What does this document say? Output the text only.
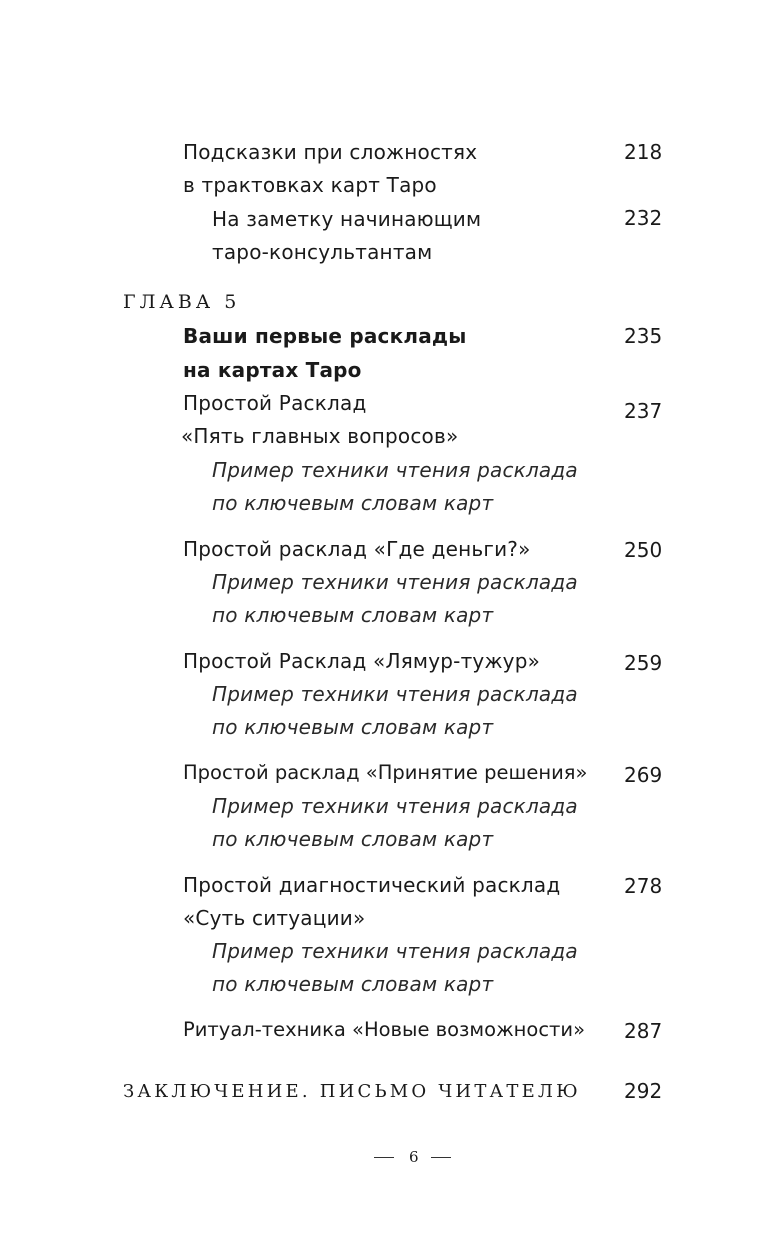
Подсказки при сложностях
в трактовках карт Таро
218
На заметку начинающим
таро-консультантам
232
ГЛАВА 5
Ваши первые расклады
на картах Таро
235
Простой Расклад
«Пять главных вопросов»
237
Пример техники чтения расклада
по ключевым словам карт
Простой расклад «Где деньги?»	250
Пример техники чтения расклада
по ключевым словам карт
Простой Расклад «Лямур-тужур»	259
Пример техники чтения расклада
по ключевым словам карт
Простой расклад «Принятие решения» 269
Пример техники чтения расклада
по ключевым словам карт
Простой диагностический расклад
«Суть ситуации»
278
Пример техники чтения расклада
по ключевым словам карт
Ритуал-техника «Новые возможности» 287
ЗАКЛЮЧЕНИЕ. ПИСЬМО ЧИТАТЕЛЮ 292
6
